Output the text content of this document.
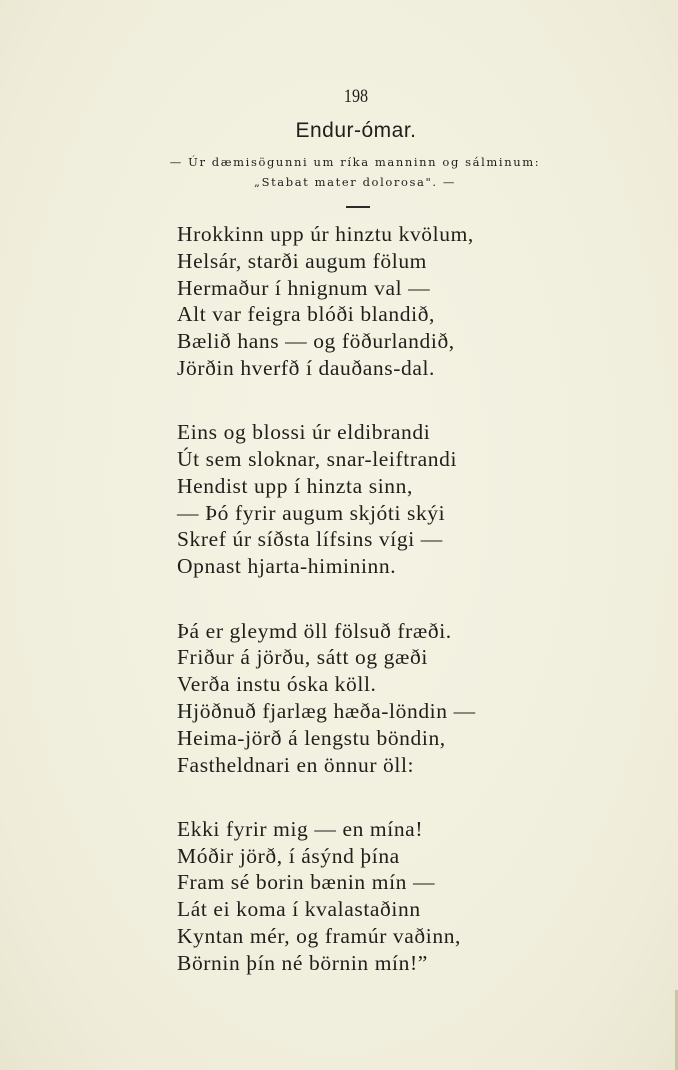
198
Endur-ómar.
— Úr dæmisögunni um ríka manninn og sálminum:
„Stabat mater dolorosa". —
Hrokkinn upp úr hinztu kvölum,
Helsár, starði augum fölum
Hermaður í hnignum val —
Alt var feigra blóði blandið,
Bælið hans — og föðurlandið,
Jörðin hverfð í dauðans-dal.
Eins og blossi úr eldibrandi
Út sem sloknar, snar-leiftrandi
Hendist upp í hinzta sinn,
— Þó fyrir augum skjóti skýi
Skref úr síðsta lífsins vígi —
Opnast hjarta-himininn.
Þá er gleymd öll fölsuð fræði.
Friður á jörðu, sátt og gæði
Verða instu óska köll.
Hjöðnuð fjarlæg hæða-löndin —
Heima-jörð á lengstu böndin,
Fastheldnari en önnur öll:
Ekki fyrir mig — en mína!
Móðir jörð, í ásýnd þína
Fram sé borin bænin mín —
Lát ei koma í kvalastaðinn
Kyntan mér, og framúr vaðinn,
Börnin þín né börnin mín!”
